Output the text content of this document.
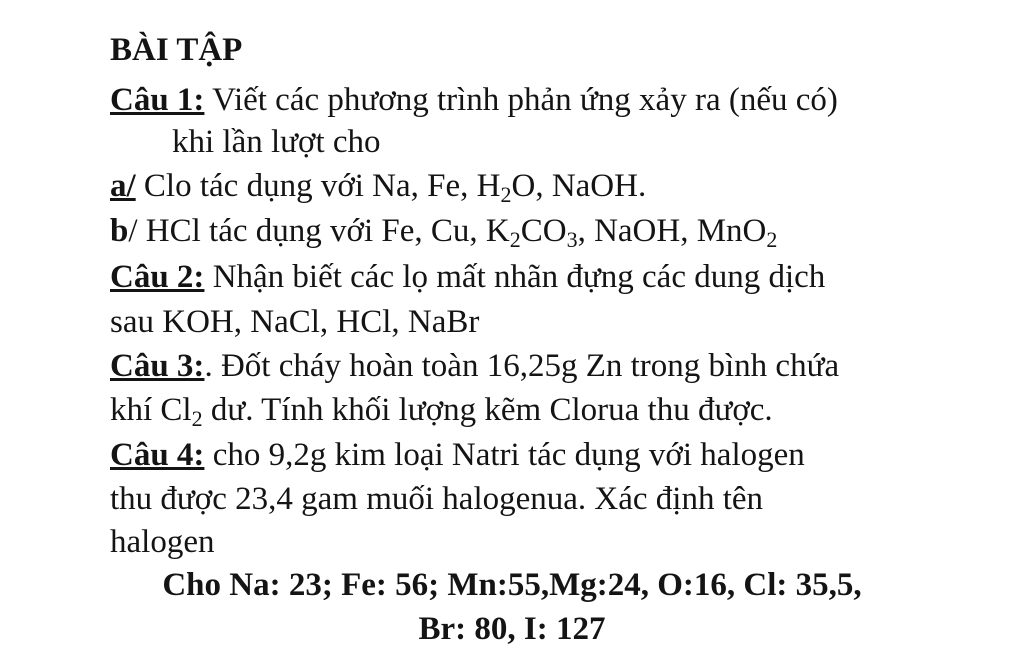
BÀI TẬP
Câu 1: Viết các phương trình phản ứng xảy ra (nếu có)
khi lần lượt cho
a/ Clo tác dụng với Na, Fe, $H_2O$, NaOH.
b/ HCl tác dụng với Fe, Cu, $K_2CO_3$, NaOH, MnO$_2$
Câu 2: Nhận biết các lọ mất nhãn đựng các dung dịch
sau KOH, NaCl, HCl, NaBr
Câu 3:. Đốt cháy hoàn toàn 16,25g Zn trong bình chứa
khí $Cl_2$ dư. Tính khối lượng kẽm Clorua thu được.
Câu 4: cho 9,2g kim loại Natri tác dụng với halogen
thu được 23,4 gam muối halogenua. Xác định tên
halogen
Cho Na: 23; Fe: 56; Mn:55,Mg:24, O:16, Cl: 35,5,
Br: 80, I: 127
